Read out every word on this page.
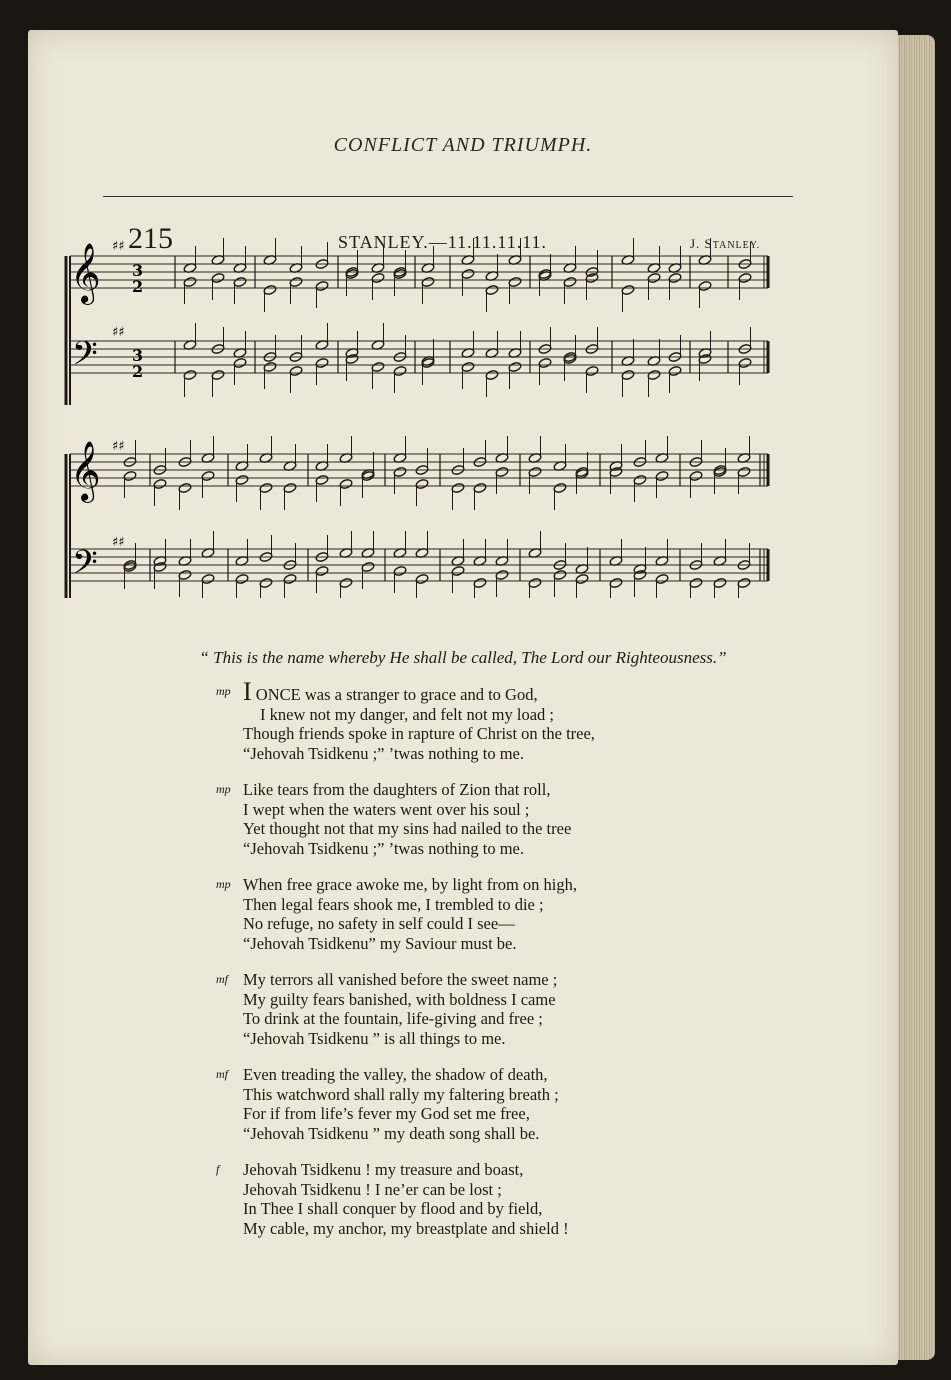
CONFLICT AND TRIUMPH.
215	STANLEY.—11.11.11.11.	J. STANLEY.
“ This is the name whereby He shall be called, The Lord our Righteousness.”
mp I ONCE was a stranger to grace and to God,
I knew not my danger, and felt not my load ;
Though friends spoke in rapture of Christ on the tree,
“Jehovah Tsidkenu ;” ’twas nothing to me.
mp Like tears from the daughters of Zion that roll,
I wept when the waters went over his soul ;
Yet thought not that my sins had nailed to the tree
“Jehovah Tsidkenu ;” ’twas nothing to me.
mp When free grace awoke me, by light from on high,
Then legal fears shook me, I trembled to die ;
No refuge, no safety in self could I see—
“Jehovah Tsidkenu” my Saviour must be.
mf My terrors all vanished before the sweet name ;
My guilty fears banished, with boldness I came
To drink at the fountain, life-giving and free ;
“Jehovah Tsidkenu ” is all things to me.
mf Even treading the valley, the shadow of death,
This watchword shall rally my faltering breath ;
For if from life’s fever my God set me free,
“Jehovah Tsidkenu ” my death song shall be.
f	Jehovah Tsidkenu ! my treasure and boast,
Jehovah Tsidkenu ! I ne’er can be lost ;
In Thee I shall conquer by flood and by field,
My cable, my anchor, my breastplate and shield !
𝄞
𝄢
𝄞
𝄢
3
2
3
2
♯♯
♯♯
♯♯
♯♯
